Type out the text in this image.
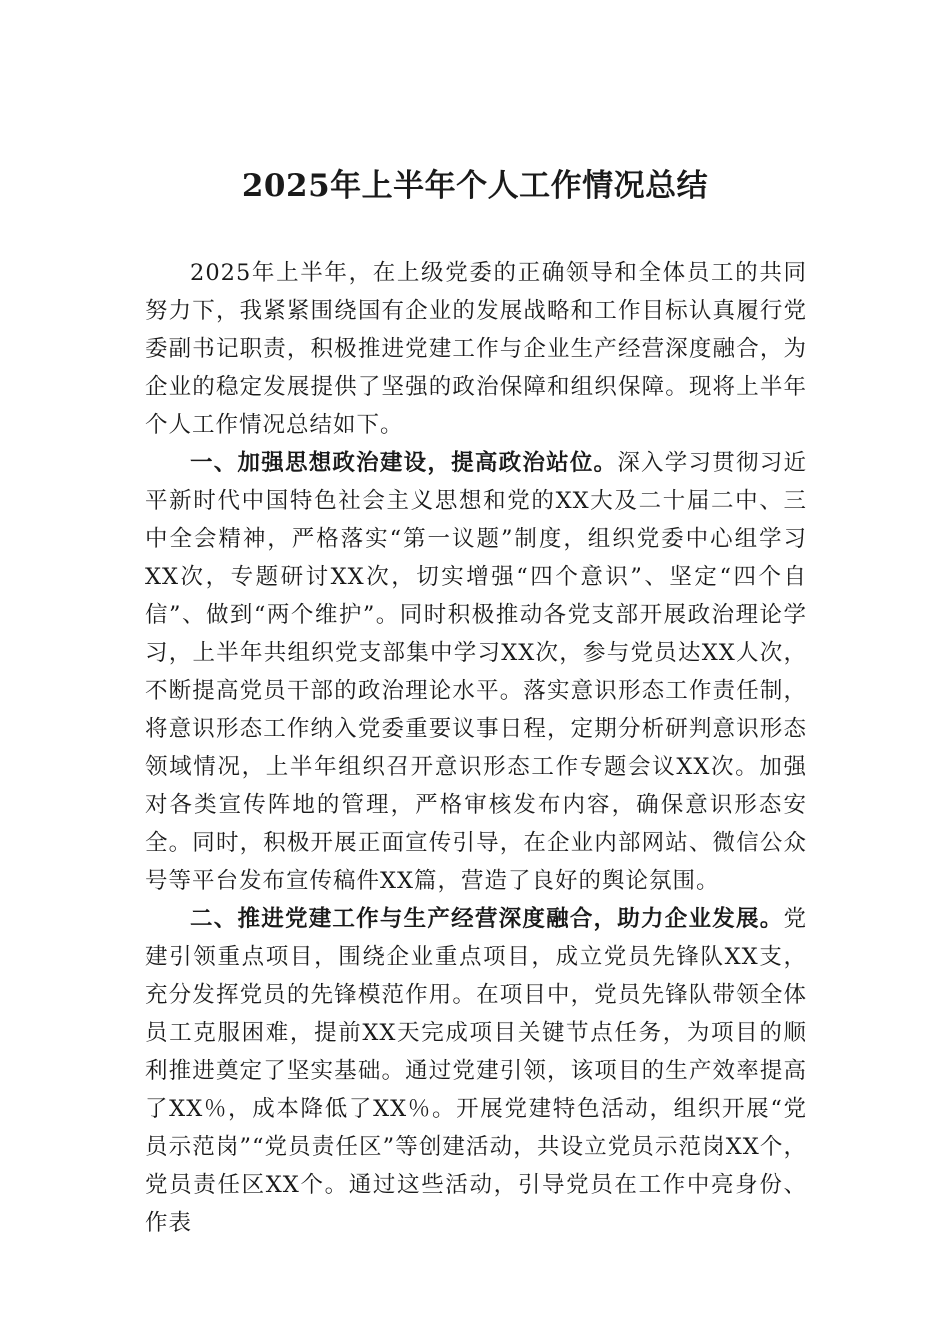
2025年上半年个人工作情况总结

2025年上半年，在上级党委的正确领导和全体员工的共同努力下，我紧紧围绕国有企业的发展战略和工作目标认真履行党委副书记职责，积极推进党建工作与企业生产经营深度融合，为企业的稳定发展提供了坚强的政治保障和组织保障。现将上半年个人工作情况总结如下。

一、加强思想政治建设，提高政治站位。深入学习贯彻习近平新时代中国特色社会主义思想和党的XX大及二十届二中、三中全会精神，严格落实“第一议题”制度，组织党委中心组学习XX次，专题研讨XX次，切实增强“四个意识”、坚定“四个自信”、做到“两个维护”。同时积极推动各党支部开展政治理论学习，上半年共组织党支部集中学习XX次，参与党员达XX人次，不断提高党员干部的政治理论水平。落实意识形态工作责任制，将意识形态工作纳入党委重要议事日程，定期分析研判意识形态领域情况，上半年组织召开意识形态工作专题会议XX次。加强对各类宣传阵地的管理，严格审核发布内容，确保意识形态安全。同时，积极开展正面宣传引导，在企业内部网站、微信公众号等平台发布宣传稿件XX篇，营造了良好的舆论氛围。

二、推进党建工作与生产经营深度融合，助力企业发展。党建引领重点项目，围绕企业重点项目，成立党员先锋队XX支，充分发挥党员的先锋模范作用。在项目中，党员先锋队带领全体员工克服困难，提前XX天完成项目关键节点任务，为项目的顺利推进奠定了坚实基础。通过党建引领，该项目的生产效率提高了XX％，成本降低了XX％。开展党建特色活动，组织开展“党员示范岗”“党员责任区”等创建活动，共设立党员示范岗XX个，党员责任区XX个。通过这些活动，引导党员在工作中亮身份、作表
